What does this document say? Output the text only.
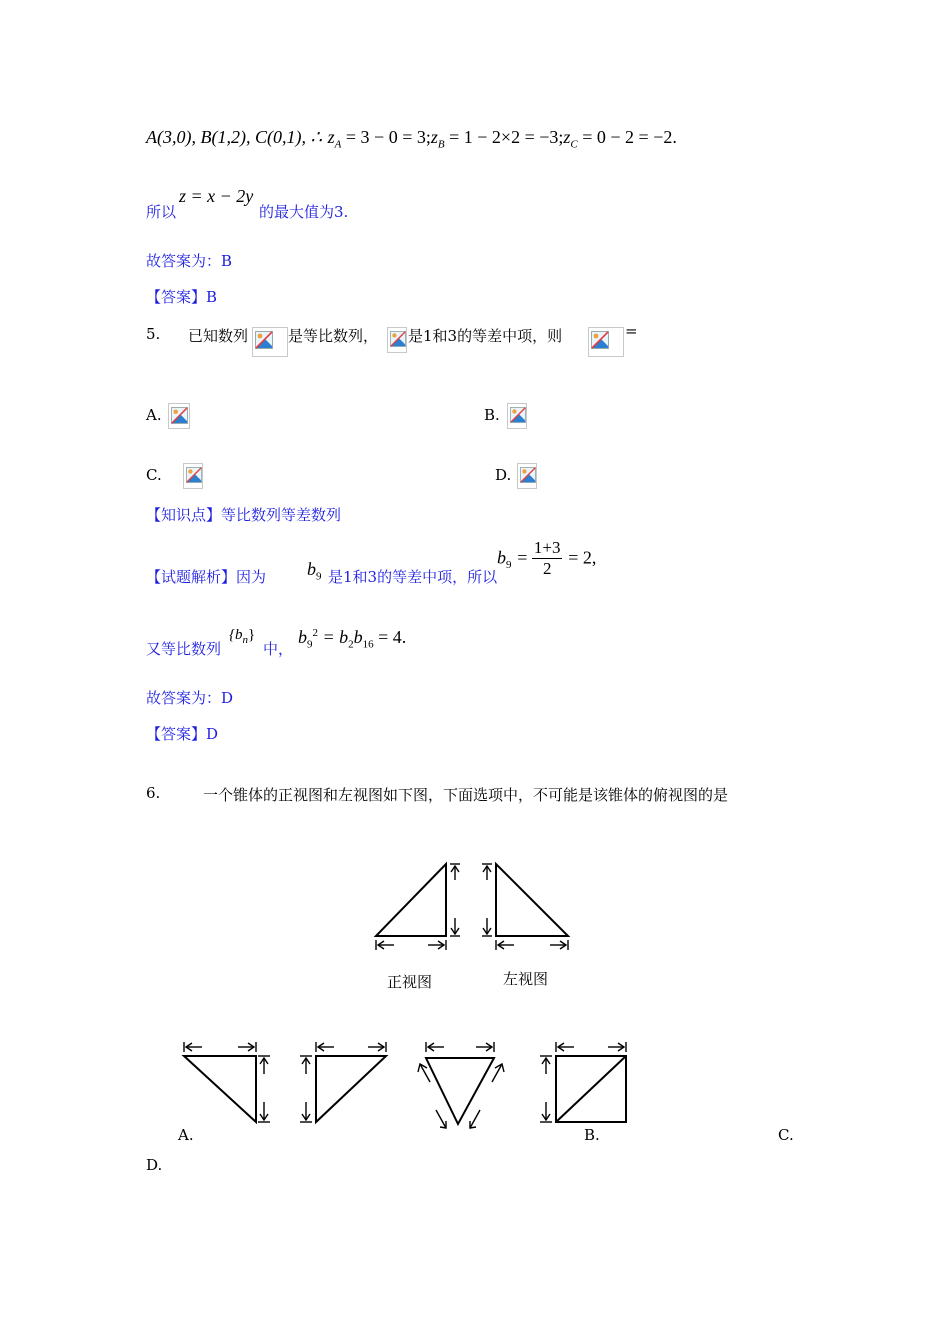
A(3,0), B(1,2), C(0,1), ∴ $z_A = 3 - 0$ = $3;z_B = 1 - 2\times 2$ = $-3;z_C = 0 - 2 = -2$.
所以
z = x − 2y
的最大值为3.
故答案为：B
【答案】B
5. 已知数列	是等比数列， 是1和3的等差中项，则	=
A.	B.
C.	D.
【知识点】等比数列等差数列
【试题解析】因为 $b_9$ 是1和3的等差中项，所以
$b_9 = \frac{1+3}{2} = 2$,
又等比数列
$\{b_n\}$
中，
$b_9^2 = b_2b_{16} = 4$.
故答案为：D
【答案】D
6.	一个锥体的正视图和左视图如下图，下面选项中，不可能是该锥体的俯视图的是
正视图	左视图
A.	B.	C.
D.
